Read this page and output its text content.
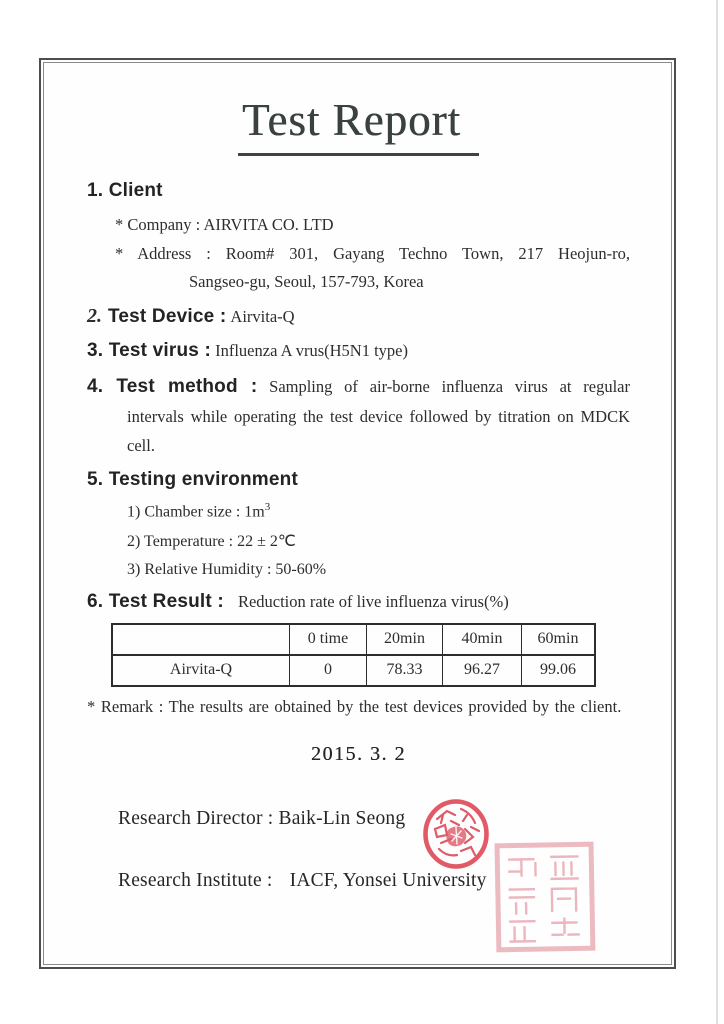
Test Report
1. Client
* Company : AIRVITA CO. LTD
* Address : Room# 301, Gayang Techno Town, 217 Heojun-ro,
Sangseo-gu, Seoul, 157-793, Korea
2. Test Device : Airvita-Q
3. Test virus : Influenza A vrus(H5N1 type)
4. Test method : Sampling of air-borne influenza virus at regular intervals while operating the test device followed by titration on MDCK cell.
5. Testing environment
1) Chamber size : $1m^3$
2) Temperature : 22 ± 2℃
3) Relative Humidity : 50-60%
6. Test Result : Reduction rate of live influenza virus(%)
	0 time	20min	40min	60min
Airvita-Q	0	78.33	96.27	99.06
* Remark : The results are obtained by the test devices provided by the client.
2015. 3. 2
Research Director : Baik-Lin Seong
Research Institute : IACF, Yonsei University
